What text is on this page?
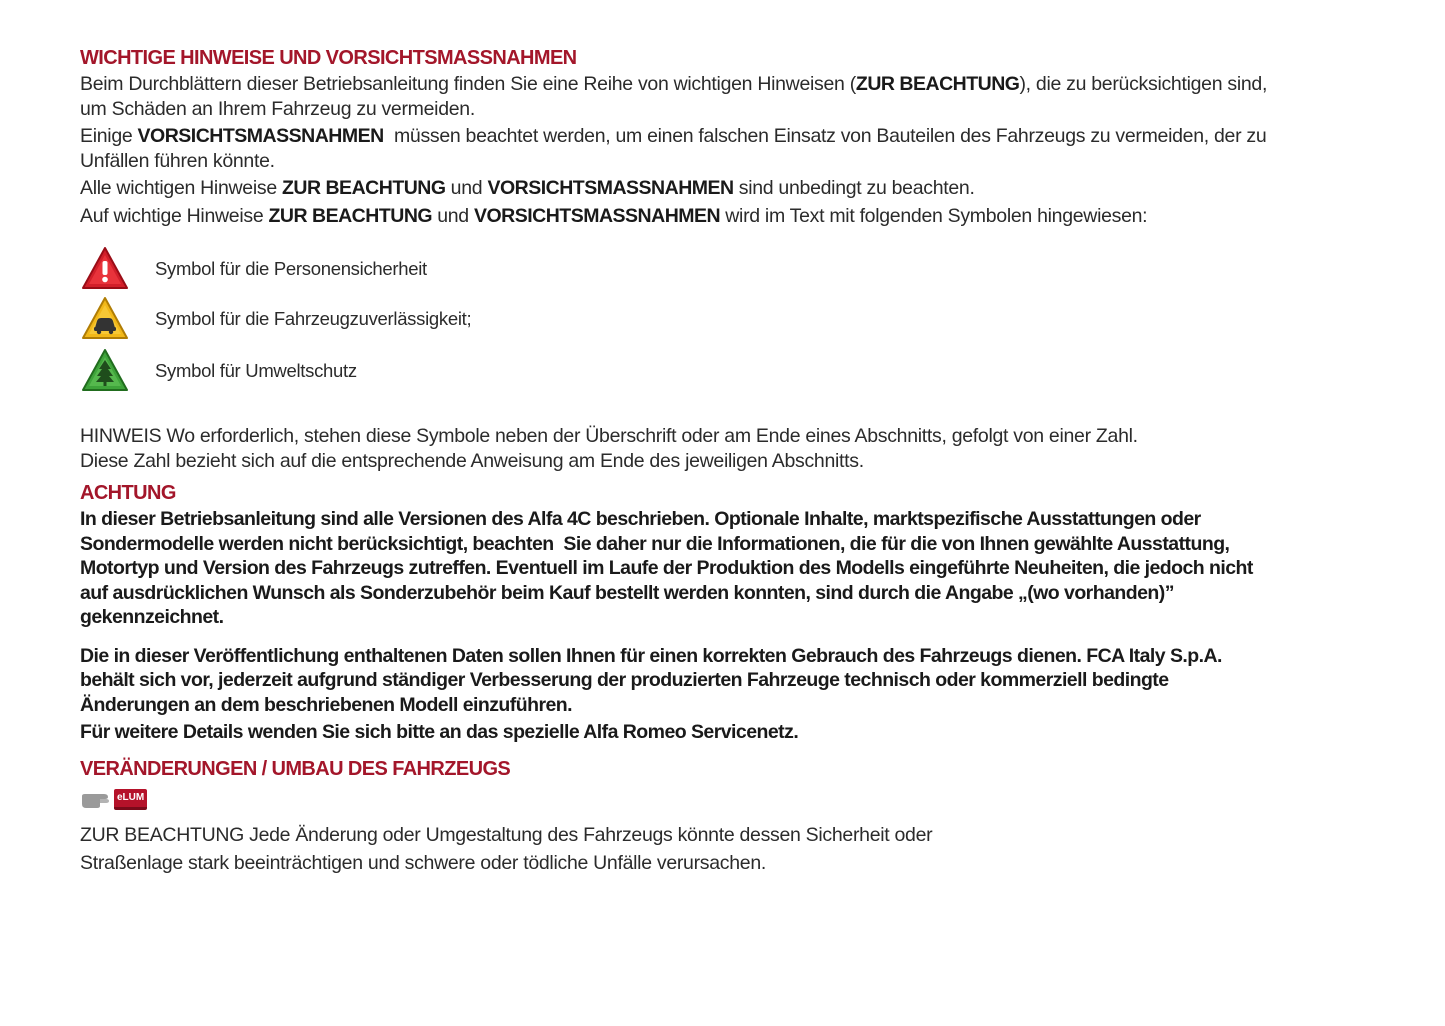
WICHTIGE HINWEISE UND VORSICHTSMASSNAHMEN

Beim Durchblättern dieser Betriebsanleitung finden Sie eine Reihe von wichtigen Hinweisen (ZUR BEACHTUNG), die zu berücksichtigen sind,
um Schäden an Ihrem Fahrzeug zu vermeiden.

Einige VORSICHTSMASSNAHMEN  müssen beachtet werden, um einen falschen Einsatz von Bauteilen des Fahrzeugs zu vermeiden, der zu
Unfällen führen könnte.

Alle wichtigen Hinweise ZUR BEACHTUNG und VORSICHTSMASSNAHMEN sind unbedingt zu beachten.

Auf wichtige Hinweise ZUR BEACHTUNG und VORSICHTSMASSNAHMEN wird im Text mit folgenden Symbolen hingewiesen:

Symbol für die Personensicherheit
Symbol für die Fahrzeugzuverlässigkeit;
Symbol für Umweltschutz

HINWEIS Wo erforderlich, stehen diese Symbole neben der Überschrift oder am Ende eines Abschnitts, gefolgt von einer Zahl.
Diese Zahl bezieht sich auf die entsprechende Anweisung am Ende des jeweiligen Abschnitts.

ACHTUNG

In dieser Betriebsanleitung sind alle Versionen des Alfa 4C beschrieben. Optionale Inhalte, marktspezifische Ausstattungen oder
Sondermodelle werden nicht berücksichtigt, beachten  Sie daher nur die Informationen, die für die von Ihnen gewählte Ausstattung,
Motortyp und Version des Fahrzeugs zutreffen. Eventuell im Laufe der Produktion des Modells eingeführte Neuheiten, die jedoch nicht
auf ausdrücklichen Wunsch als Sonderzubehör beim Kauf bestellt werden konnten, sind durch die Angabe „(wo vorhanden)”
gekennzeichnet.

Die in dieser Veröffentlichung enthaltenen Daten sollen Ihnen für einen korrekten Gebrauch des Fahrzeugs dienen. FCA Italy S.p.A.
behält sich vor, jederzeit aufgrund ständiger Verbesserung der produzierten Fahrzeuge technisch oder kommerziell bedingte
Änderungen an dem beschriebenen Modell einzuführen.
Für weitere Details wenden Sie sich bitte an das spezielle Alfa Romeo Servicenetz.

VERÄNDERUNGEN / UMBAU DES FAHRZEUGS
eLUM

ZUR BEACHTUNG Jede Änderung oder Umgestaltung des Fahrzeugs könnte dessen Sicherheit oder
Straßenlage stark beeinträchtigen und schwere oder tödliche Unfälle verursachen.
